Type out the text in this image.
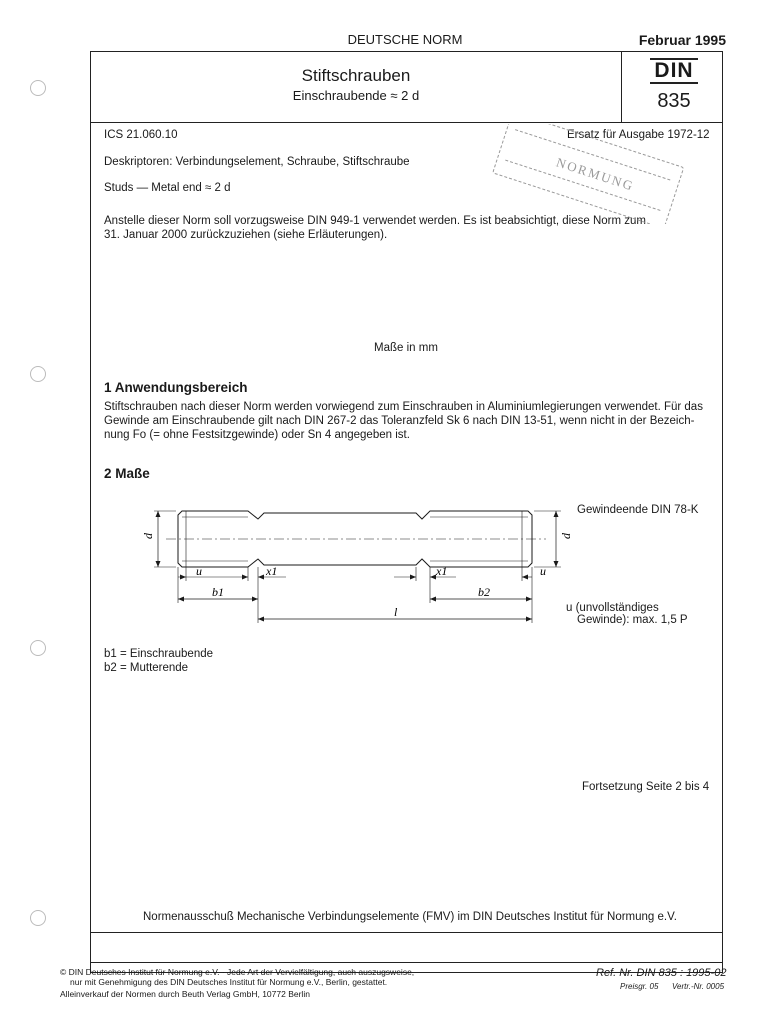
DEUTSCHE NORM	Februar 1995
Stiftschrauben
Einschraubende ≈ 2 d
DIN
835
ICS 21.060.10	Ersatz für Ausgabe 1972-12
Deskriptoren: Verbindungselement, Schraube, Stiftschraube
Studs — Metal end ≈ 2 d
Anstelle dieser Norm soll vorzugsweise DIN 949-1 verwendet werden. Es ist beabsichtigt, diese Norm zum
31. Januar 2000 zurückzuziehen (siehe Erläuterungen).
NORMUNG
Maße in mm
1 Anwendungsbereich
Stiftschrauben nach dieser Norm werden vorwiegend zum Einschrauben in Aluminiumlegierungen verwendet. Für das
Gewinde am Einschraubende gilt nach DIN 267-2 das Toleranzfeld Sk 6 nach DIN 13-51, wenn nicht in der Bezeich-
nung Fo (= ohne Festsitzgewinde) oder Sn 4 angegeben ist.
2 Maße
Gewindeende DIN 78-K
d	d
u	x1	x1	u
b1	b2
l	u (unvollständiges
Gewinde): max. 1,5 P
b1 = Einschraubende
b2 = Mutterende
Fortsetzung Seite 2 bis 4
Normenausschuß Mechanische Verbindungselemente (FMV) im DIN Deutsches Institut für Normung e.V.
© DIN Deutsches Institut für Normung e.V. · Jede Art der Vervielfältigung, auch auszugsweise,
nur mit Genehmigung des DIN Deutsches Institut für Normung e.V., Berlin, gestattet.
Alleinverkauf der Normen durch Beuth Verlag GmbH, 10772 Berlin
Ref. Nr. DIN 835 : 1995-02
Preisgr. 05 Vertr.-Nr. 0005
